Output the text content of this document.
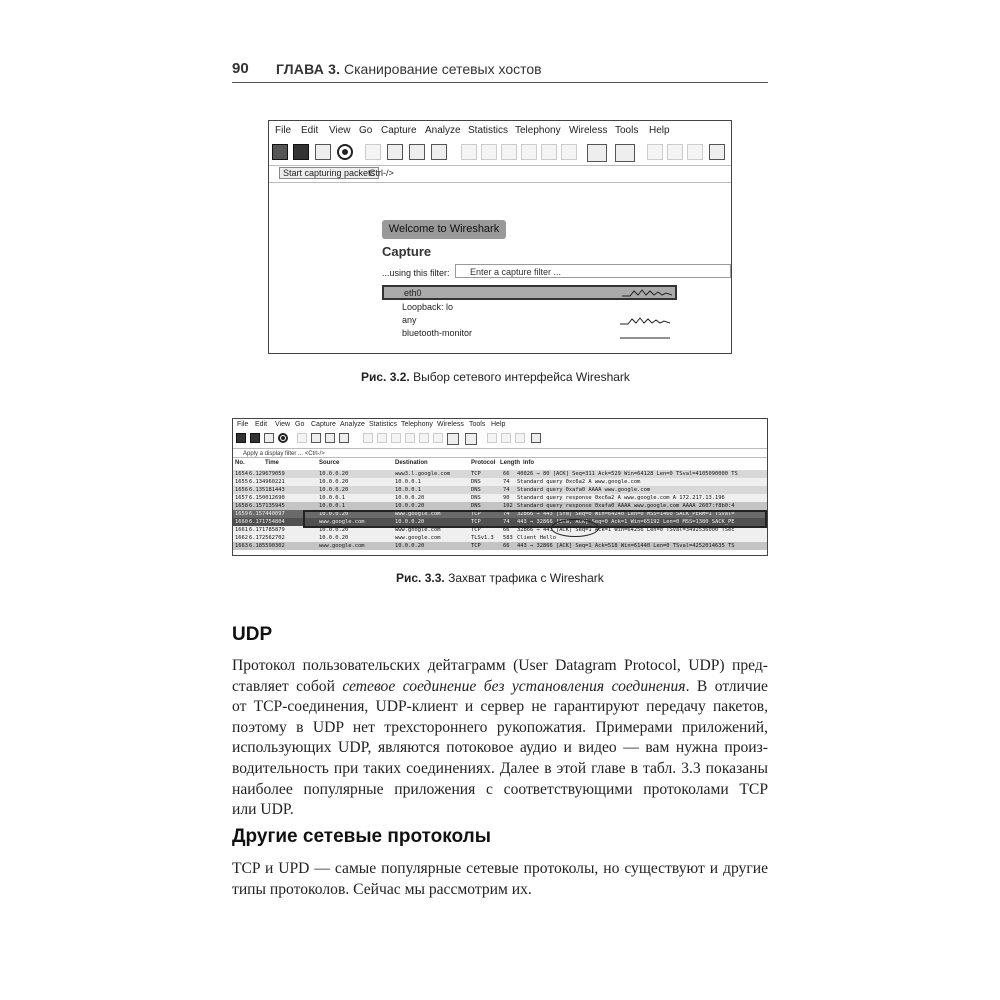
90 ГЛАВА 3. Сканирование сетевых хостов
File Edit View Go Capture Analyze Statistics Telephony Wireless Tools Help
Start capturing packets
Ctrl-/>
Welcome to Wireshark
Capture
...using this filter:	Enter a capture filter ...
eth0
Loopback: lo
any
bluetooth-monitor
Рис. 3.2. Выбор сетевого интерфейса Wireshark
File Edit View Go Capture Analyze Statistics Telephony Wireless Tools Help
Apply a display filter ... <Ctrl-/>
No.	Time	Source	Destination	Protocol Length Info
1654 6.129679059	10.0.0.20	www3.l.google.com	TCP	66 40026 → 80 [ACK] Seq=311 Ack=529 Win=64128 Len=0 TSval=4105090000 TS
1655 6.134960221	10.0.0.20	10.0.0.1	DNS	74 Standard query 0xc6a2 A www.google.com
1656 6.135181443	10.0.0.20	10.0.0.1	DNS	74 Standard query 0xafa0 AAAA www.google.com
1657 6.150012690	10.0.0.1	10.0.0.20	DNS	90 Standard query response 0xc6a2 A www.google.com A 172.217.13.196
1658 6.157135945	10.0.0.1	10.0.0.20	DNS	102 Standard query response 0xafa0 AAAA www.google.com AAAA 2607:f8b0:4
1659 6.157440097	10.0.0.20	www.google.com	TCP	74 32866 → 443 [SYN] Seq=0 Win=64240 Len=0 MSS=1460 SACK_PERM=1 TSval=
1660 6.171754804	www.google.com	10.0.0.20	TCP	74 443 → 32866 [SYN, ACK] Seq=0 Ack=1 Win=65192 Len=0 MSS=1380 SACK_PE
1661 6.171785879	10.0.0.20	www.google.com	TCP	66 32866 → 443 [ACK] Seq=1 Ack=1 Win=64256 Len=0 TSval=3492536000 TSec
1662 6.172562702	10.0.0.20	www.google.com	TLSv1.3 583 Client Hello
1663 6.185590302	www.google.com	10.0.0.20	TCP	66 443 → 32866 [ACK] Seq=1 Ack=518 Win=61440 Len=0 TSval=4252014635 TS
Рис. 3.3. Захват трафика с Wireshark
UDP
Протокол пользовательских дейтаграмм (User Datagram Protocol, UDP) пред-
ставляет собой сетевое соединение без установления соединения. В отличие
от TCP-соединения, UDP-клиент и сервер не гарантируют передачу пакетов,
поэтому в UDP нет трехстороннего рукопожатия. Примерами приложений,
использующих UDP, являются потоковое аудио и видео — вам нужна произ-
водительность при таких соединениях. Далее в этой главе в табл. 3.3 показаны
наиболее популярные приложения с соответствующими протоколами TCP
или UDP.
Другие сетевые протоколы
TCP и UPD — самые популярные сетевые протоколы, но существуют и другие
типы протоколов. Сейчас мы рассмотрим их.
